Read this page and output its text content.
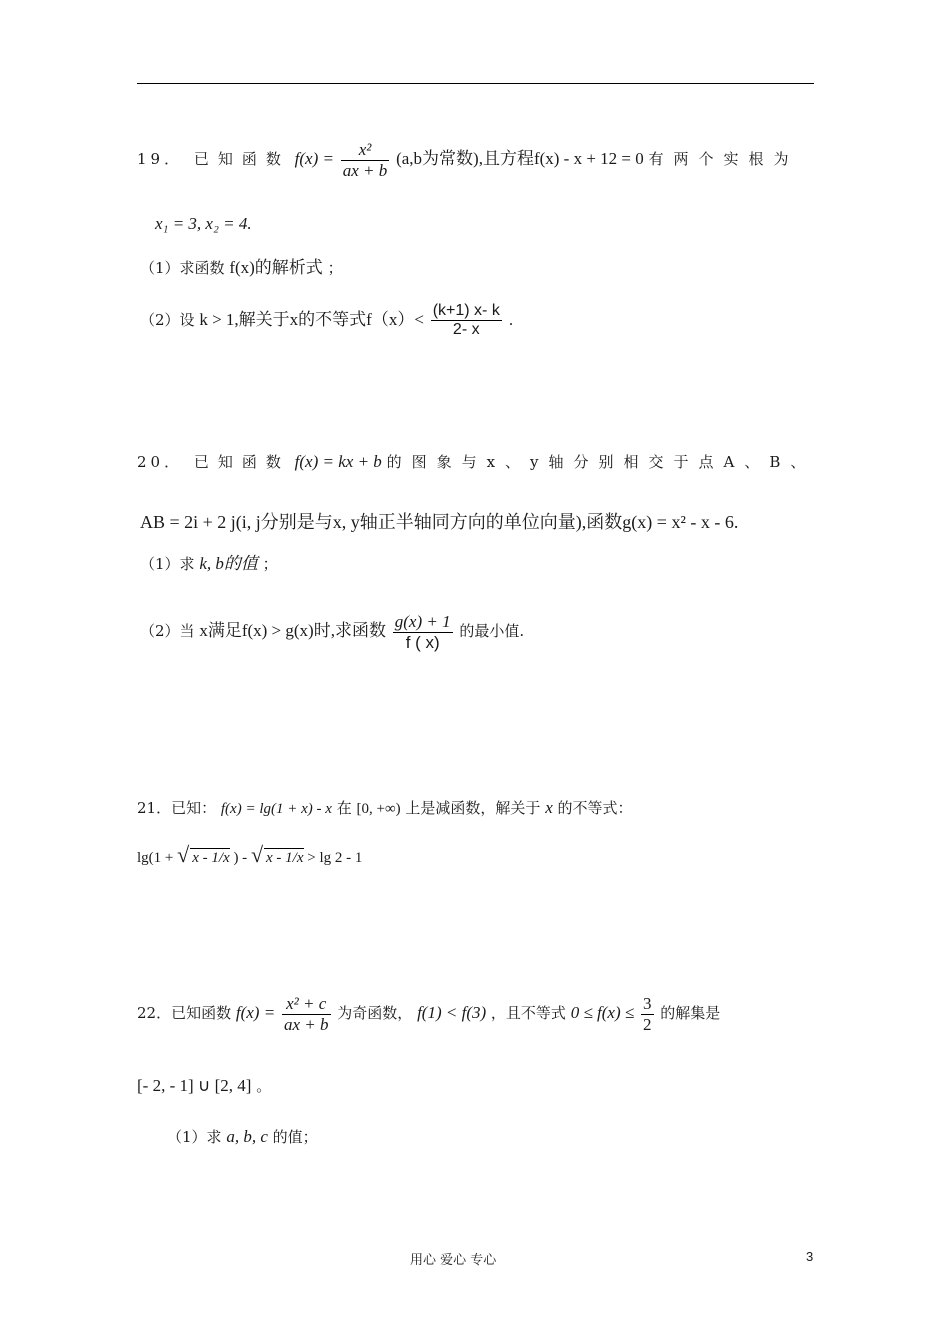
19． 已知函数 $f(x) = \frac{\text{x²}}{ax + b} (a,b$为常数),且方程f(x) - x + 12 = 0 有两个实根为
x₁ = 3, x₂ = 4.
（1）求函数 f(x)的解析式 ；
（2）设 k > 1,解关于x的不等式$f(x)< \frac{(k+1) x- k}{2- x}$ .
20． 已知函数 f(x) = kx + b 的图象与x、y轴分别相交于点A、B、
AB = 2i + 2 j(i, j分别是与x, y轴正半轴同方向的单位向量),函数g(x) = x² - x - 6.
（1）求 k, b的值 ；
（2）当 x满足f(x) > g(x)时,求函数 $\frac{g(x) + 1}{f ( x)}$ 的最小值.
21．已知： f(x) = lg(1 + x) - x 在 [0, +∞) 上是减函数，解关于 x 的不等式：
lg(1 + √ x - 1/x ) - √ x - 1/x > lg 2 - 1
22．已知函数 $f(x) = \frac{\text{x² + c}}{ax + b}$ 为奇函数， f(1) < f(3) ，且不等式 $0 \le f(x) \le \frac{3}{2}$ 的解集是
[- 2, - 1] ∪ [2, 4] 。
（1）求 a, b, c 的值；
用心 爱心 专心	3
